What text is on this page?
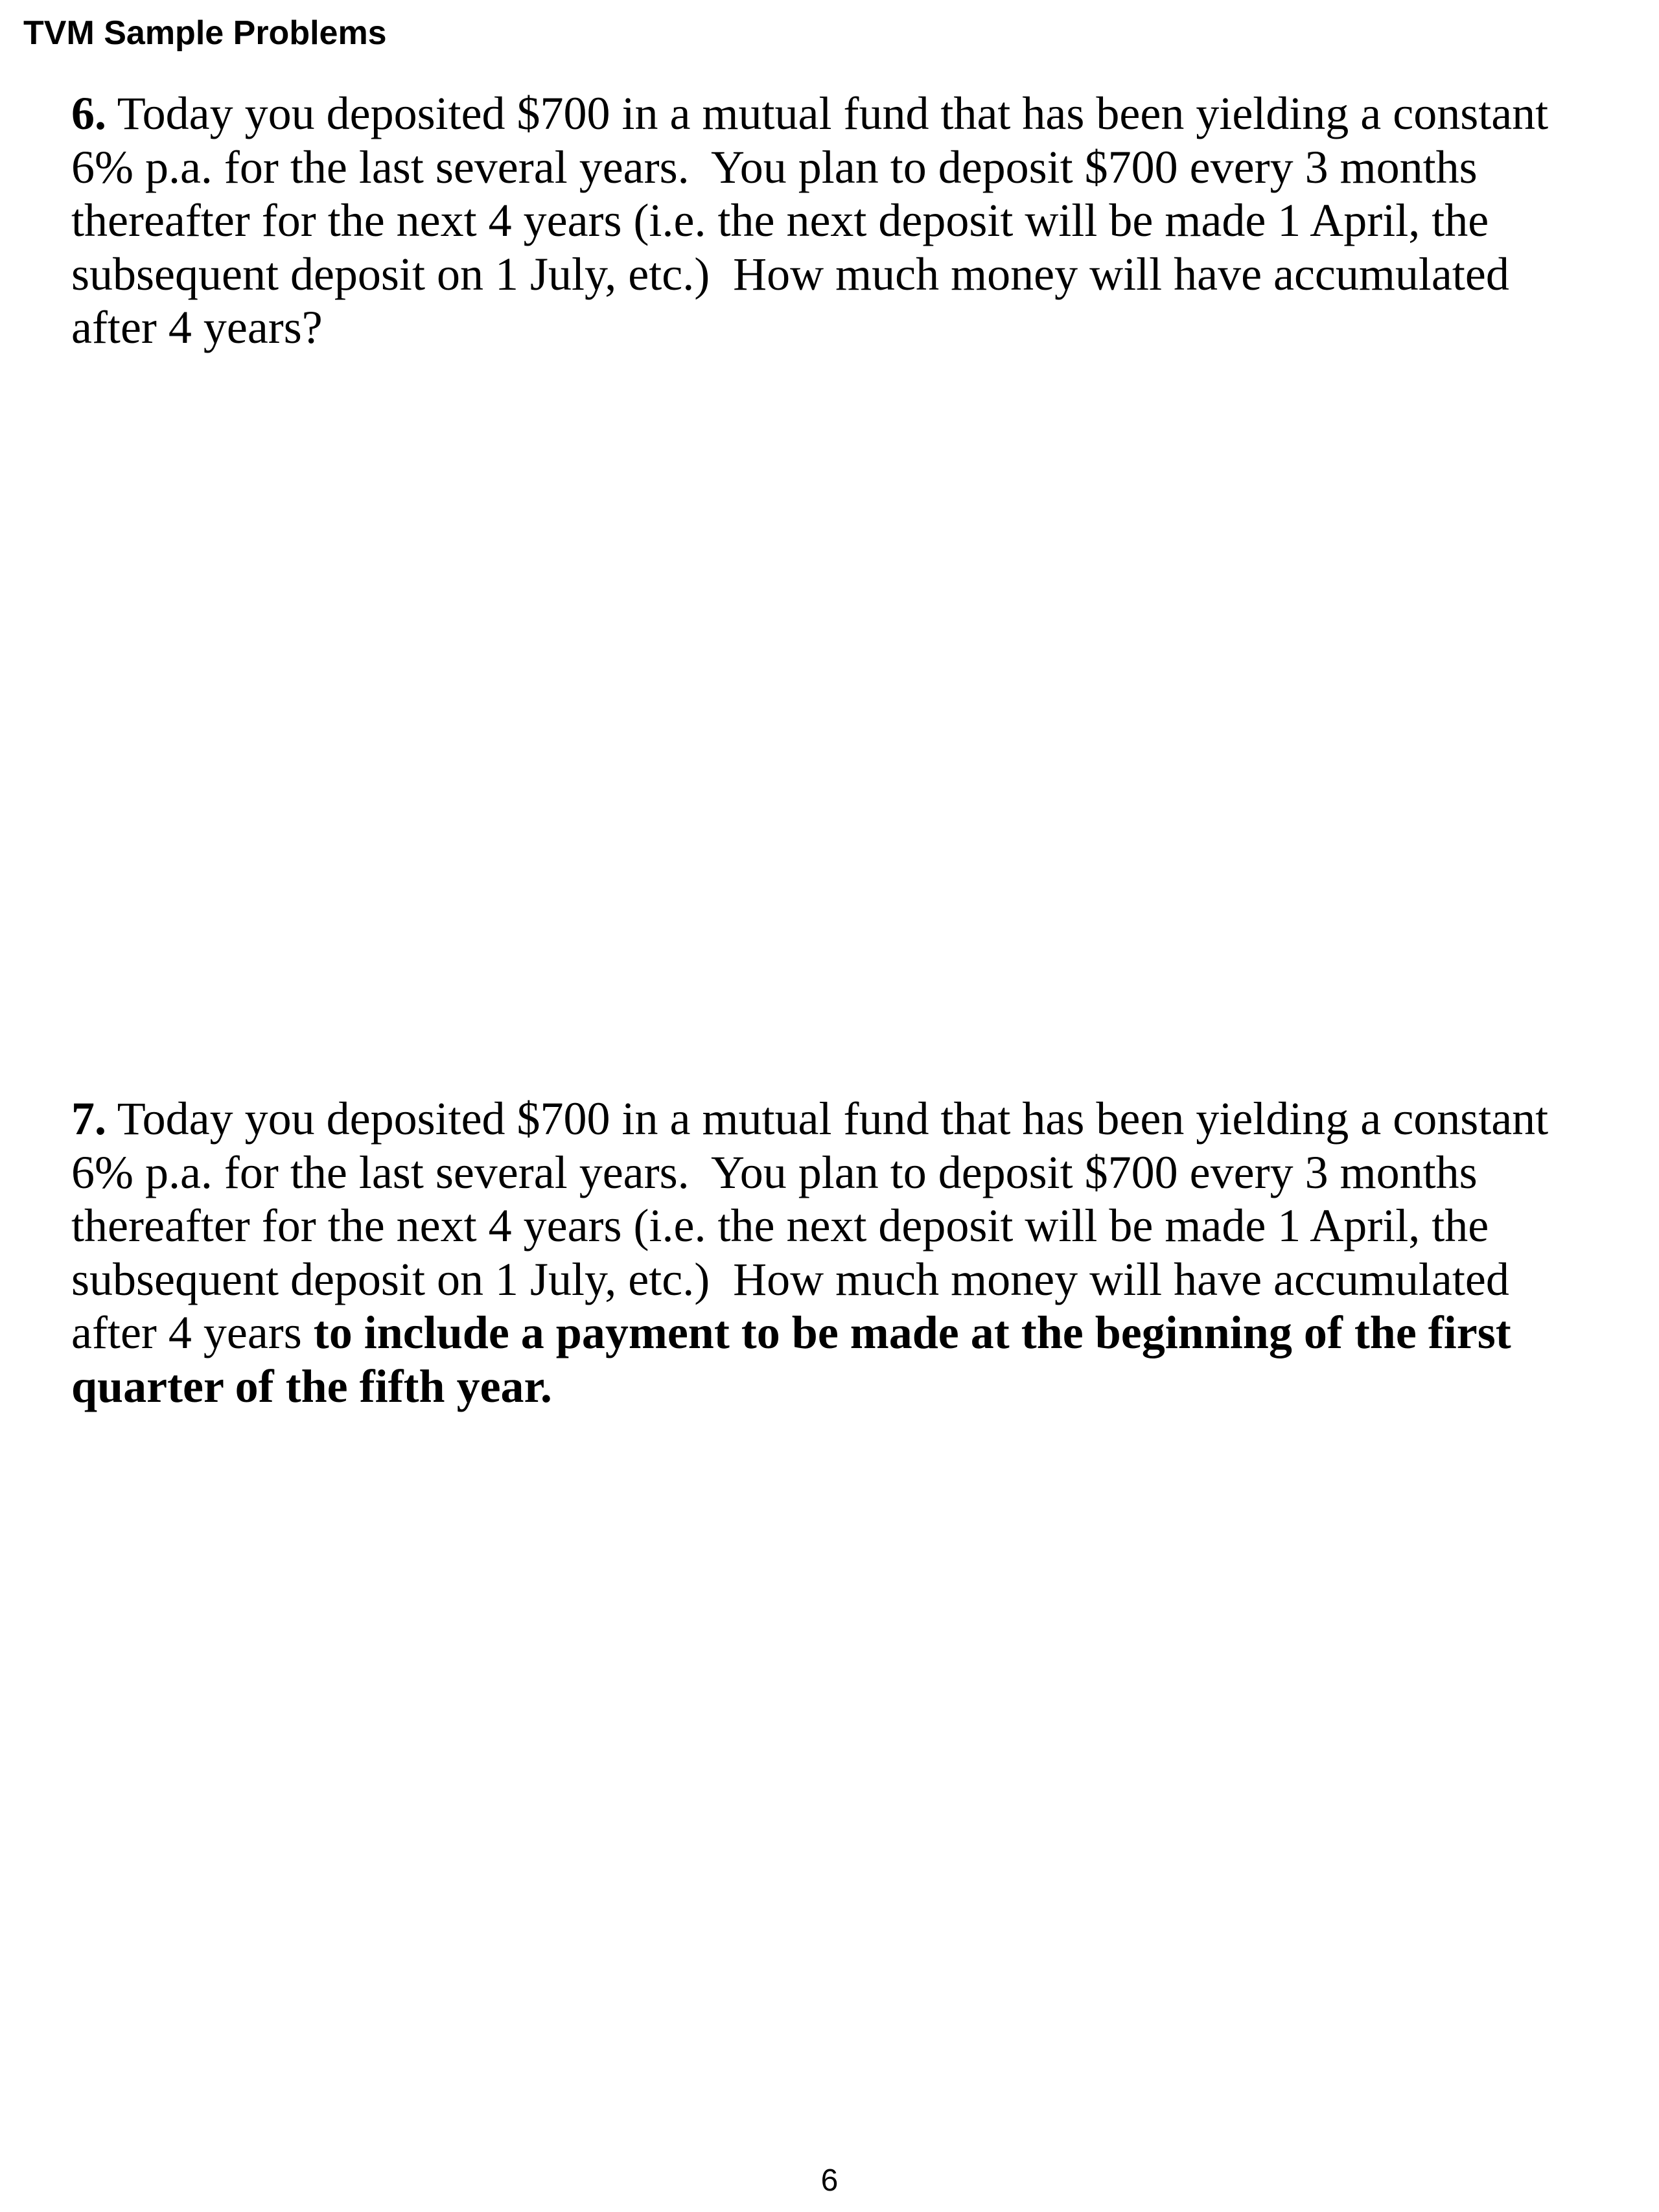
TVM Sample Problems
6. Today you deposited $700 in a mutual fund that has been yielding a constant
6% p.a. for the last several years.  You plan to deposit $700 every 3 months
thereafter for the next 4 years (i.e. the next deposit will be made 1 April, the
subsequent deposit on 1 July, etc.)  How much money will have accumulated
after 4 years?
7. Today you deposited $700 in a mutual fund that has been yielding a constant
6% p.a. for the last several years.  You plan to deposit $700 every 3 months
thereafter for the next 4 years (i.e. the next deposit will be made 1 April, the
subsequent deposit on 1 July, etc.)  How much money will have accumulated
after 4 years to include a payment to be made at the beginning of the first
quarter of the fifth year.
6
